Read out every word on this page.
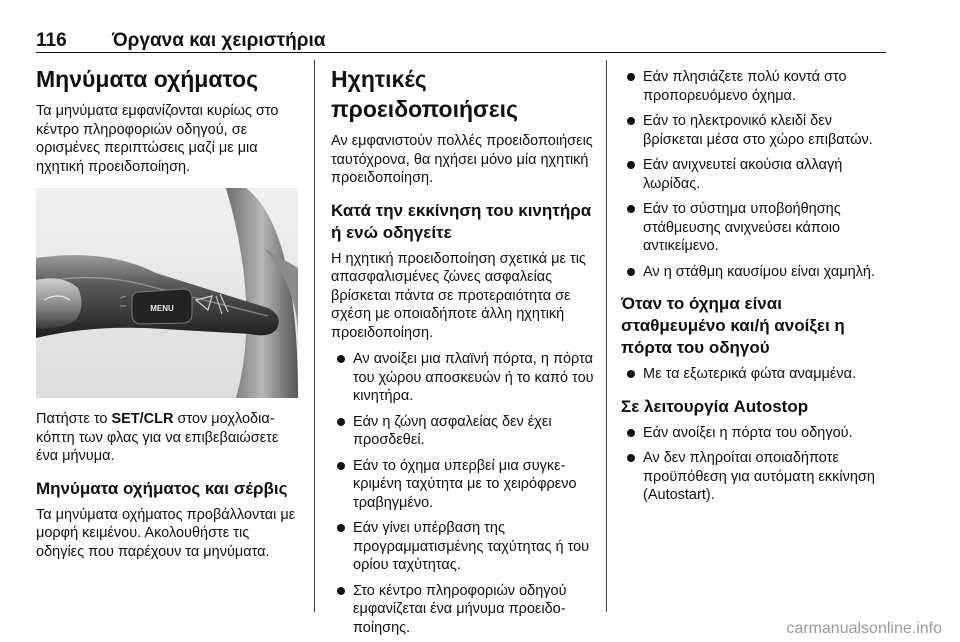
116 Όργανα και χειριστήρια
Μηνύματα οχήματος
Τα μηνύματα εμφανίζονται κυρίως στο κέντρο πληροφοριών οδηγού, σε ορισμένες περιπτώσεις μαζί με μια ηχητική προειδοποίηση.
MENU
Πατήστε το SET/CLR στον μοχλοδιακόπτη των φλας για να επιβεβαιώσετε ένα μήνυμα.
Μηνύματα οχήματος και σέρβις
Τα μηνύματα οχήματος προβάλλονται με μορφή κειμένου. Ακολουθήστε τις οδηγίες που παρέχουν τα μηνύματα.
Ηχητικές προειδοποιήσεις
Αν εμφανιστούν πολλές προειδοποιήσεις ταυτόχρονα, θα ηχήσει μόνο μία ηχητική προειδοποίηση.
Κατά την εκκίνηση του κινητήρα ή ενώ οδηγείτε
Η ηχητική προειδοποίηση σχετικά με τις απασφαλισμένες ζώνες ασφαλείας βρίσκεται πάντα σε προτεραιότητα σε σχέση με οποιαδήποτε άλλη ηχητική προειδοποίηση.
Αν ανοίξει μια πλαϊνή πόρτα, η πόρτα του χώρου αποσκευών ή το καπό του κινητήρα.
Εάν η ζώνη ασφαλείας δεν έχει προσδεθεί.
Εάν το όχημα υπερβεί μια συγκεκριμένη ταχύτητα με το χειρόφρενο τραβηγμένο.
Εάν γίνει υπέρβαση της προγραμματισμένης ταχύτητας ή του ορίου ταχύτητας.
Στο κέντρο πληροφοριών οδηγού εμφανίζεται ένα μήνυμα προειδοποίησης.
Εάν πλησιάζετε πολύ κοντά στο προπορευόμενο όχημα.
Εάν το ηλεκτρονικό κλειδί δεν βρίσκεται μέσα στο χώρο επιβατών.
Εάν ανιχνευτεί ακούσια αλλαγή λωρίδας.
Εάν το σύστημα υποβοήθησης στάθμευσης ανιχνεύσει κάποιο αντικείμενο.
Αν η στάθμη καυσίμου είναι χαμηλή.
Όταν το όχημα είναι σταθμευμένο και/ή ανοίξει η πόρτα του οδηγού
Με τα εξωτερικά φώτα αναμμένα.
Σε λειτουργία Autostop
Εάν ανοίξει η πόρτα του οδηγού.
Αν δεν πληροίται οποιαδήποτε προϋπόθεση για αυτόματη εκκίνηση (Autostart).
carmanualsonline.info
